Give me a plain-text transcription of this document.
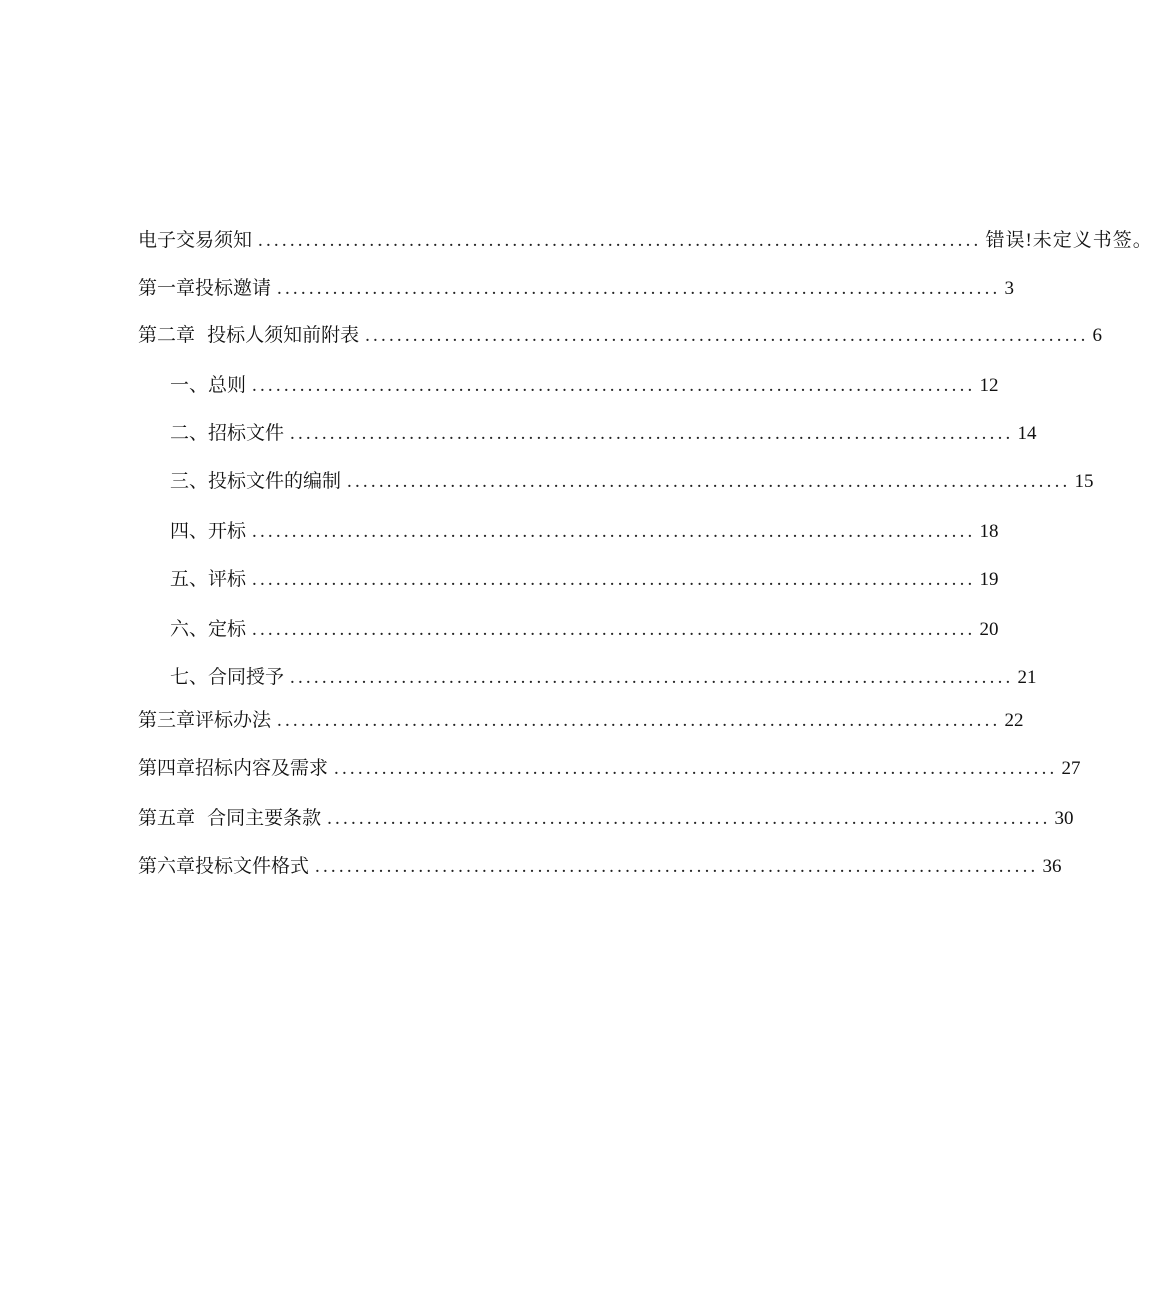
电子交易须知 ........................................................................................... 错误!未定义书签。
第一章投标邀请 ........................................................................................... 3
第二章  投标人须知前附表 ........................................................................................... 6
一、总则 ........................................................................................... 12
二、招标文件 ........................................................................................... 14
三、投标文件的编制 ........................................................................................... 15
四、开标 ........................................................................................... 18
五、评标 ........................................................................................... 19
六、定标 ........................................................................................... 20
七、合同授予 ........................................................................................... 21
第三章评标办法 ........................................................................................... 22
第四章招标内容及需求 ........................................................................................... 27
第五章  合同主要条款 ........................................................................................... 30
第六章投标文件格式 ........................................................................................... 36
